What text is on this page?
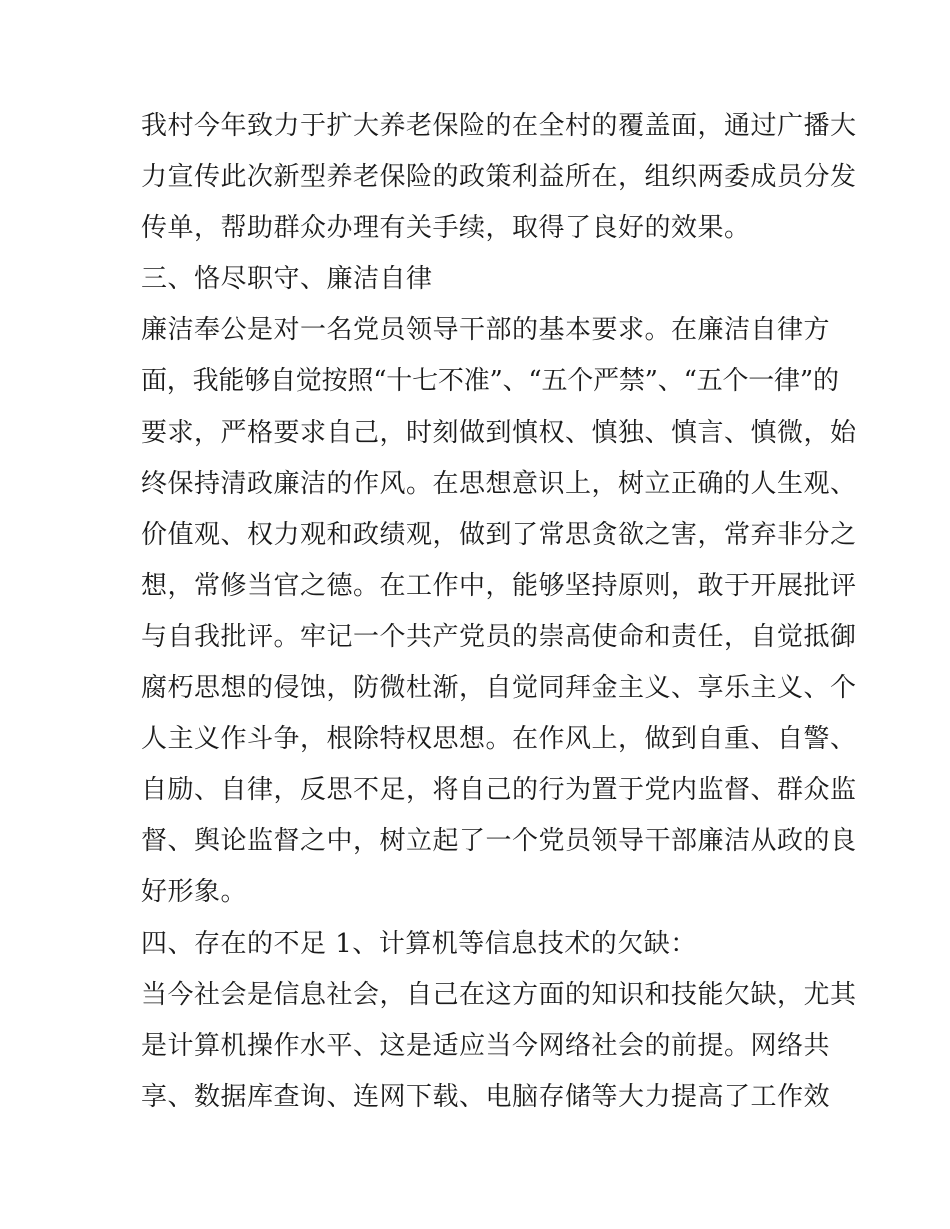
我村今年致力于扩大养老保险的在全村的覆盖面，通过广播大
力宣传此次新型养老保险的政策利益所在，组织两委成员分发
传单，帮助群众办理有关手续，取得了良好的效果。
三、恪尽职守、廉洁自律
廉洁奉公是对一名党员领导干部的基本要求。在廉洁自律方
面，我能够自觉按照“十七不准”、“五个严禁”、“五个一律”的
要求，严格要求自己，时刻做到慎权、慎独、慎言、慎微，始
终保持清政廉洁的作风。在思想意识上，树立正确的人生观、
价值观、权力观和政绩观，做到了常思贪欲之害，常弃非分之
想，常修当官之德。在工作中，能够坚持原则，敢于开展批评
与自我批评。牢记一个共产党员的崇高使命和责任，自觉抵御
腐朽思想的侵蚀，防微杜渐，自觉同拜金主义、享乐主义、个
人主义作斗争，根除特权思想。在作风上，做到自重、自警、
自励、自律，反思不足，将自己的行为置于党内监督、群众监
督、舆论监督之中，树立起了一个党员领导干部廉洁从政的良
好形象。
四、存在的不足 1、计算机等信息技术的欠缺：
当今社会是信息社会，自己在这方面的知识和技能欠缺，尤其
是计算机操作水平、这是适应当今网络社会的前提。网络共
享、数据库查询、连网下载、电脑存储等大力提高了工作效
